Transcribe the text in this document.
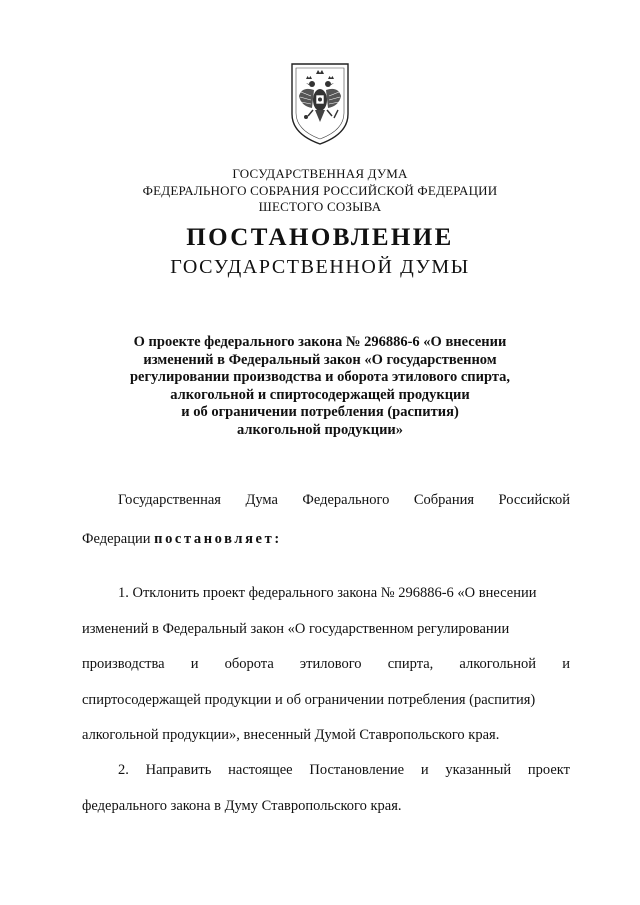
ГОСУДАРСТВЕННАЯ ДУМА
ФЕДЕРАЛЬНОГО СОБРАНИЯ РОССИЙСКОЙ ФЕДЕРАЦИИ
ШЕСТОГО СОЗЫВА
ПОСТАНОВЛЕНИЕ
ГОСУДАРСТВЕННОЙ ДУМЫ
О проекте федерального закона № 296886-6 «О внесении
изменений в Федеральный закон «О государственном
регулировании производства и оборота этилового спирта,
алкогольной и спиртосодержащей продукции
и об ограничении потребления (распития)
алкогольной продукции»
Государственная Дума Федерального Собрания Российской
Федерации постановляет:
1. Отклонить проект федерального закона № 296886-6 «О внесении
изменений в Федеральный закон «О государственном регулировании
производства и оборота этилового спирта, алкогольной и
спиртосодержащей продукции и об ограничении потребления (распития)
алкогольной продукции», внесенный Думой Ставропольского края.
2. Направить настоящее Постановление и указанный проект
федерального закона в Думу Ставропольского края.
